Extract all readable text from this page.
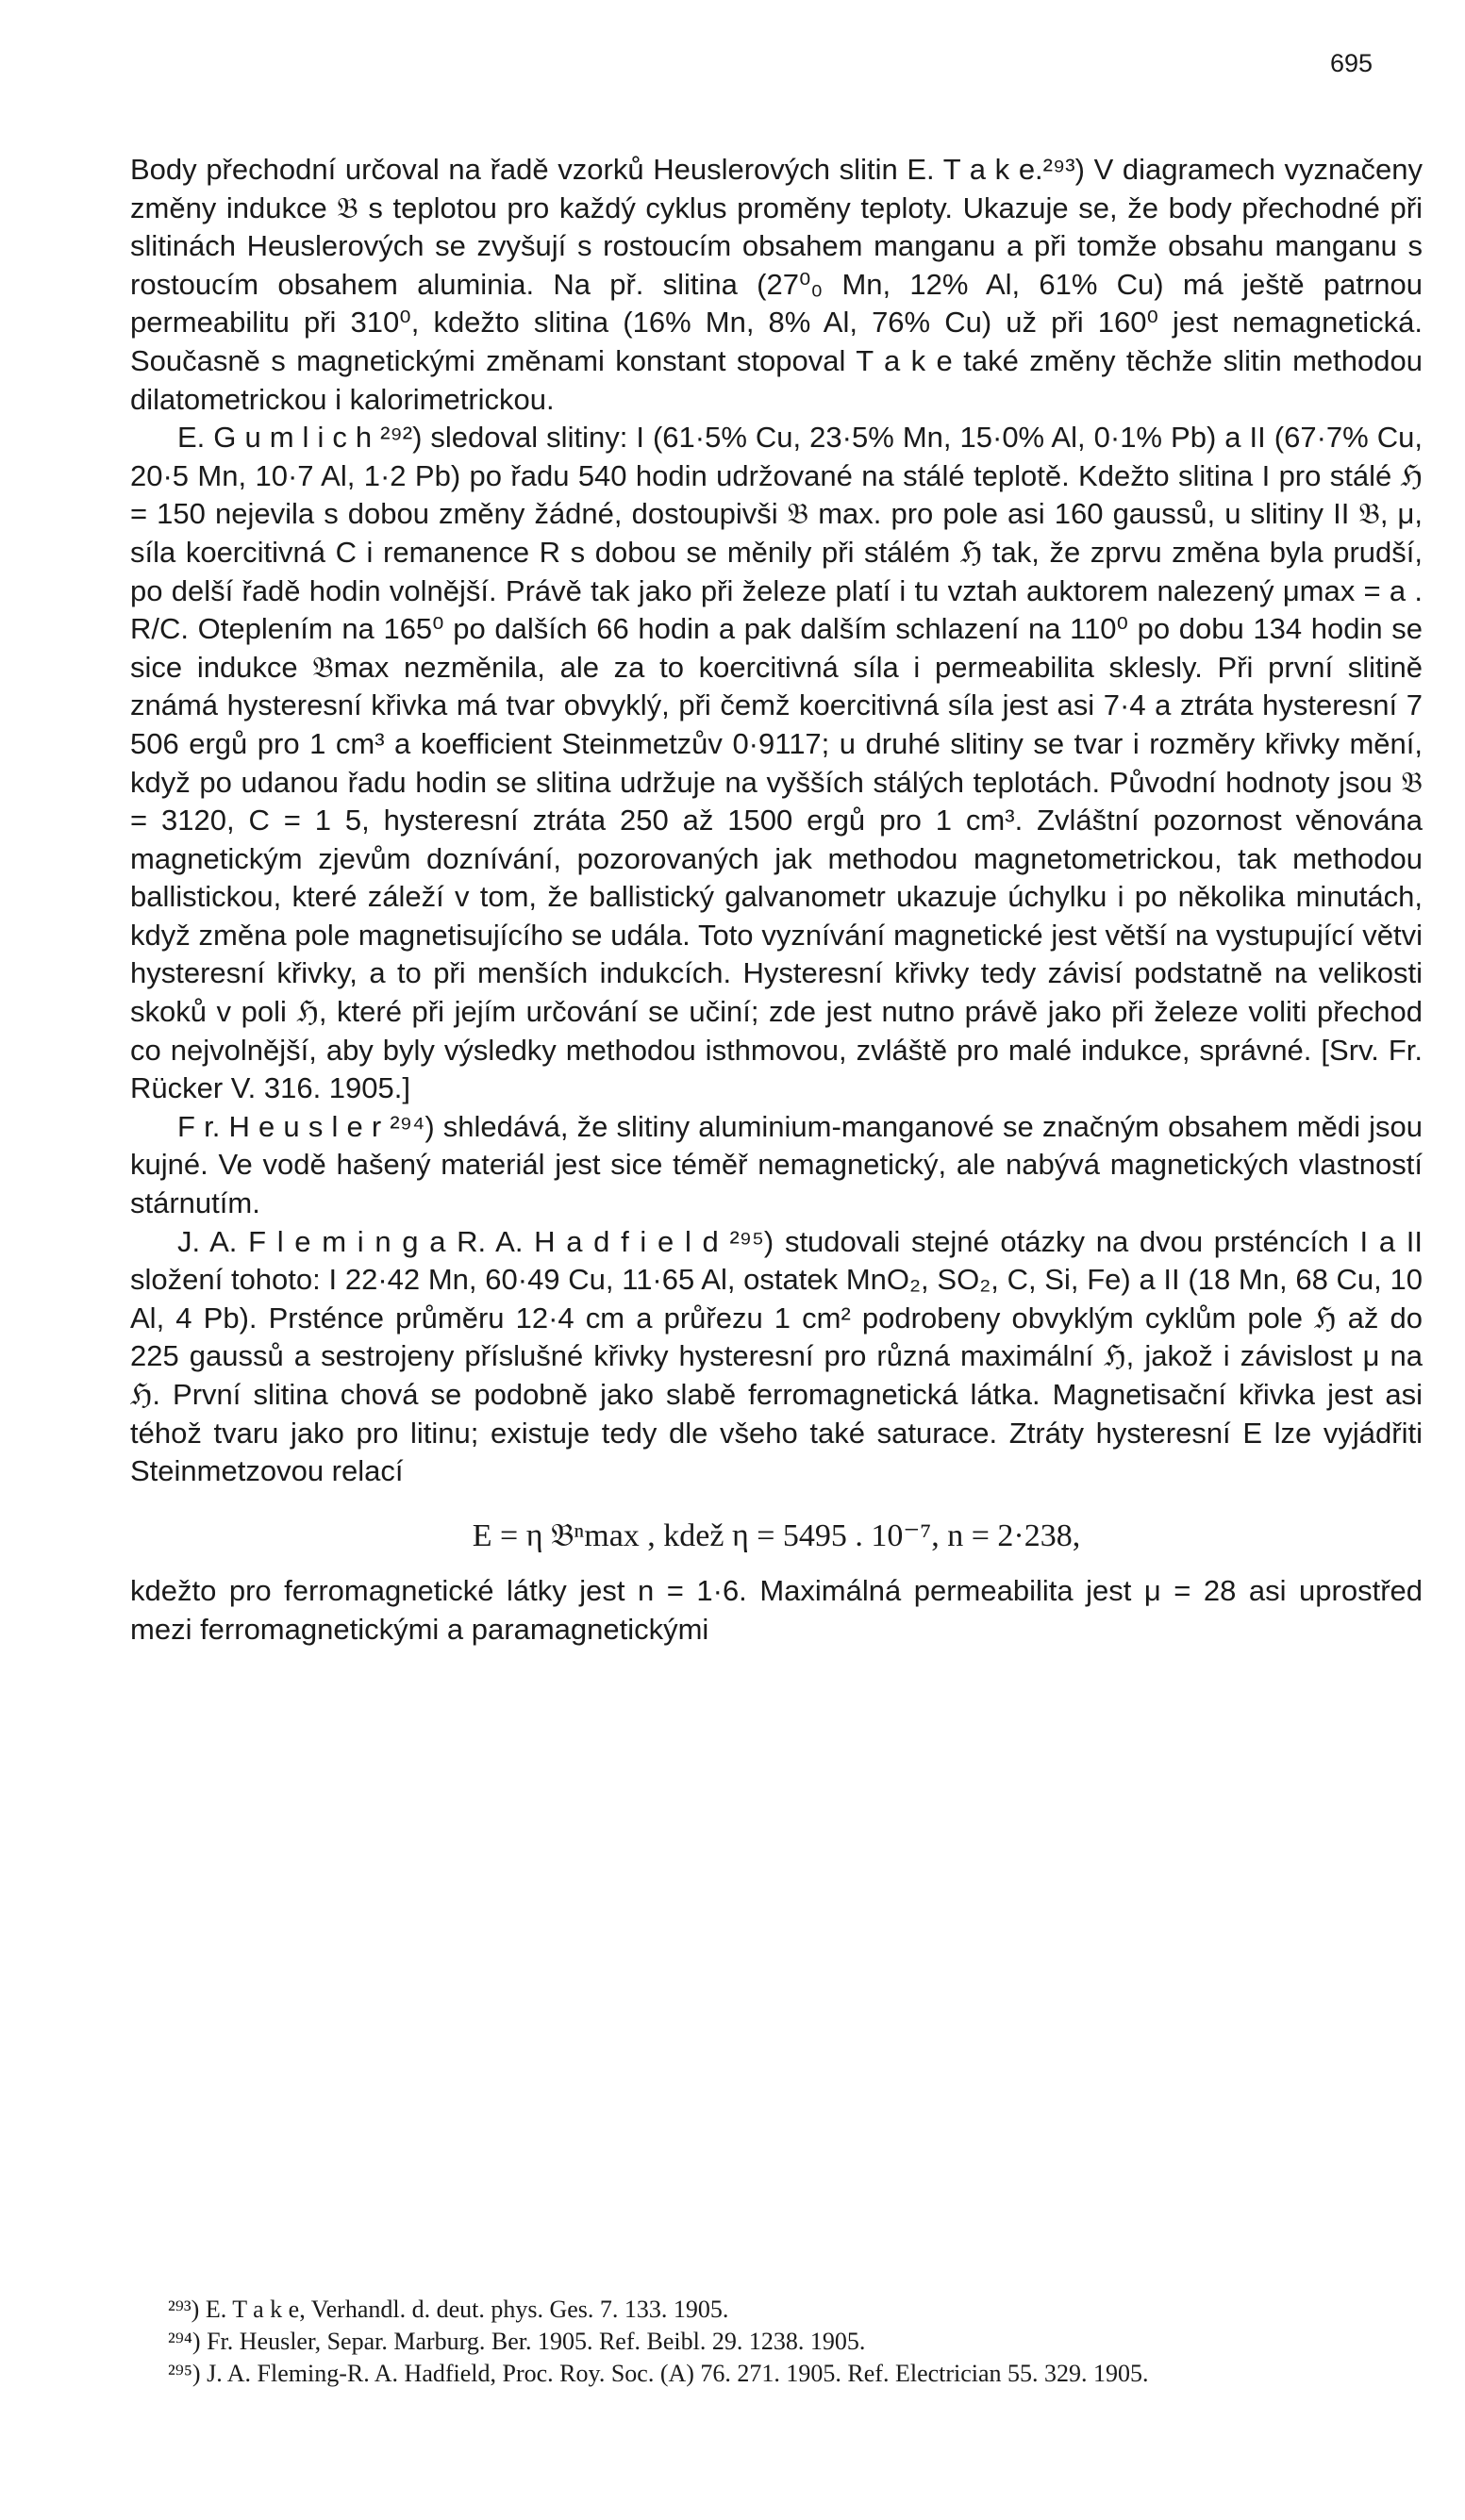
695

Body přechodní určoval na řadě vzorků Heuslerových slitin E. T a k e.²⁹³) V diagramech vyznačeny změny indukce 𝔅 s teplotou pro každý cyklus proměny teploty. Ukazuje se, že body přechodné při slitinách Heuslerových se zvyšují s rostoucím obsahem manganu a při tomže obsahu manganu s rostoucím obsahem aluminia. Na př. slitina (27⁰₀ Mn, 12% Al, 61% Cu) má ještě patrnou permeabilitu při 310⁰, kdežto slitina (16% Mn, 8% Al, 76% Cu) už při 160⁰ jest nemagnetická. Současně s magnetickými změnami konstant stopoval T a k e také změny těchže slitin methodou dilatometrickou i kalorimetrickou.

E. G u m l i c h ²⁹²) sledoval slitiny: I (61·5% Cu, 23·5% Mn, 15·0% Al, 0·1% Pb) a II (67·7% Cu, 20·5 Mn, 10·7 Al, 1·2 Pb) po řadu 540 hodin udržované na stálé teplotě. Kdežto slitina I pro stálé ℌ = 150 nejevila s dobou změny žádné, dostoupivši 𝔅 max. pro pole asi 160 gaussů, u slitiny II 𝔅, μ, síla koercitivná C i remanence R s dobou se měnily při stálém ℌ tak, že zprvu změna byla prudší, po delší řadě hodin volnější. Právě tak jako při železe platí i tu vztah auktorem nalezený μmax = a . R/C. Oteplením na 165⁰ po dalších 66 hodin a pak dalším schlazení na 110⁰ po dobu 134 hodin se sice indukce 𝔅max nezměnila, ale za to koercitivná síla i permeabilita sklesly. Při první slitině známá hysteresní křivka má tvar obvyklý, při čemž koercitivná síla jest asi 7·4 a ztráta hysteresní 7 506 ergů pro 1 cm³ a koefficient Steinmetzův 0·9117; u druhé slitiny se tvar i rozměry křivky mění, když po udanou řadu hodin se slitina udržuje na vyšších stálých teplotách. Původní hodnoty jsou 𝔅 = 3120, C = 1 5, hysteresní ztráta 250 až 1500 ergů pro 1 cm³. Zvláštní pozornost věnována magnetickým zjevům doznívání, pozorovaných jak methodou magnetometrickou, tak methodou ballistickou, které záleží v tom, že ballistický galvanometr ukazuje úchylku i po několika minutách, když změna pole magnetisujícího se udála. Toto vyznívání magnetické jest větší na vystupující větvi hysteresní křivky, a to při menších indukcích. Hysteresní křivky tedy závisí podstatně na velikosti skoků v poli ℌ, které při jejím určování se učiní; zde jest nutno právě jako při železe voliti přechod co nejvolnější, aby byly výsledky methodou isthmovou, zvláště pro malé indukce, správné. [Srv. Fr. Rücker V. 316. 1905.]

F r. H e u s l e r ²⁹⁴) shledává, že slitiny aluminium-manganové se značným obsahem mědi jsou kujné. Ve vodě hašený materiál jest sice téměř nemagnetický, ale nabývá magnetických vlastností stárnutím.

J. A. F l e m i n g a R. A. H a d f i e l d ²⁹⁵) studovali stejné otázky na dvou prsténcích I a II složení tohoto: I 22·42 Mn, 60·49 Cu, 11·65 Al, ostatek MnO₂, SO₂, C, Si, Fe) a II (18 Mn, 68 Cu, 10 Al, 4 Pb). Prsténce průměru 12·4 cm a průřezu 1 cm² podrobeny obvyklým cyklům pole ℌ až do 225 gaussů a sestrojeny příslušné křivky hysteresní pro různá maximální ℌ, jakož i závislost μ na ℌ. První slitina chová se podobně jako slabě ferromagnetická látka. Magnetisační křivka jest asi téhož tvaru jako pro litinu; existuje tedy dle všeho také saturace. Ztráty hysteresní E lze vyjádřiti Steinmetzovou relací

E = η 𝔅ⁿmax , kdež η = 5495 . 10⁻⁷, n = 2·238,

kdežto pro ferromagnetické látky jest n = 1·6. Maximálná permeabilita jest μ = 28 asi uprostřed mezi ferromagnetickými a paramagnetickými

²⁹³) E. T a k e, Verhandl. d. deut. phys. Ges. 7. 133. 1905.

²⁹⁴) Fr. Heusler, Separ. Marburg. Ber. 1905. Ref. Beibl. 29. 1238. 1905.

²⁹⁵) J. A. Fleming-R. A. Hadfield, Proc. Roy. Soc. (A) 76. 271. 1905. Ref. Electrician 55. 329. 1905.
